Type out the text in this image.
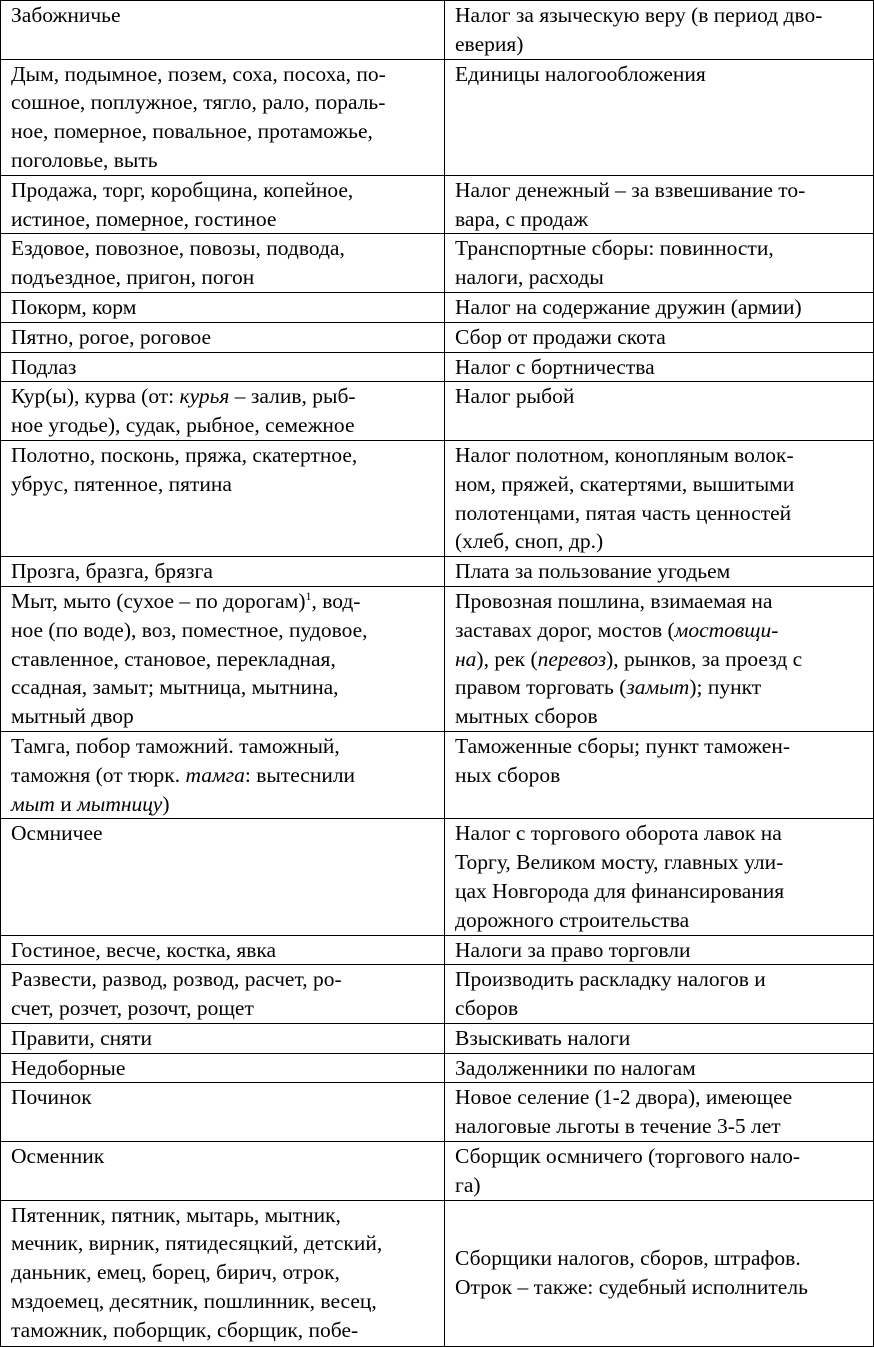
Забожничье	Налог за языческую веру (в период дво-
еверия)
Дым, подымное, позем, соха, посоха, по-
сошное, поплужное, тягло, рало, пораль-
ное, померное, повальное, протаможье,
поголовье, выть	Единицы налогообложения
Продажа, торг, коробщина, копейное,
истиное, померное, гостиное	Налог денежный – за взвешивание то-
вара, с продаж
Ездовое, повозное, повозы, подвода,
подъездное, пригон, погон	Транспортные сборы: повинности,
налоги, расходы
Покорм, корм	Налог на содержание дружин (армии)
Пятно, рогое, роговое	Сбор от продажи скота
Подлаз	Налог с бортничества
Кур(ы), курва (от: курья – залив, рыб-
ное угодье), судак, рыбное, семежное	Налог рыбой
Полотно, посконь, пряжа, скатертное,
убрус, пятенное, пятина	Налог полотном, конопляным волок-
ном, пряжей, скатертями, вышитыми
полотенцами, пятая часть ценностей
(хлеб, сноп, др.)
Прозга, бразга, брязга	Плата за пользование угодьем
Мыт, мыто (сухое – по дорогам)$^1$, вод-
ное (по воде), воз, поместное, пудовое,
ставленное, становое, перекладная,
ссадная, замыт; мытница, мытнина,
мытный двор	Провозная пошлина, взимаемая на
заставах дорог, мостов (мостовщи-
на), рек (перевоз), рынков, за проезд с
правом торговать (замыт); пункт
мытных сборов
Тамга, побор таможний. таможный,
таможня (от тюрк. тамга: вытеснили
мыт и мытницу)	Таможенные сборы; пункт таможен-
ных сборов
Осмничее	Налог с торгового оборота лавок на
Торгу, Великом мосту, главных ули-
цах Новгорода для финансирования
дорожного строительства
Гостиное, весче, костка, явка	Налоги за право торговли
Развести, развод, розвод, расчет, ро-
счет, розчет, розочт, рощет	Производить раскладку налогов и
сборов
Правити, сняти	Взыскивать налоги
Недоборные	Задолженники по налогам
Починок	Новое селение (1-2 двора), имеющее
налоговые льготы в течение 3-5 лет
Осменник	Сборщик осмничего (торгового нало-
га)
Пятенник, пятник, мытарь, мытник,
мечник, вирник, пятидесяцкий, детский,
даньник, емец, борец, бирич, отрок,
мздоемец, десятник, пошлинник, весец,
таможник, поборщик, сборщик, побе-	Сборщики налогов, сборов, штрафов.
Отрок – также: судебный исполнитель
